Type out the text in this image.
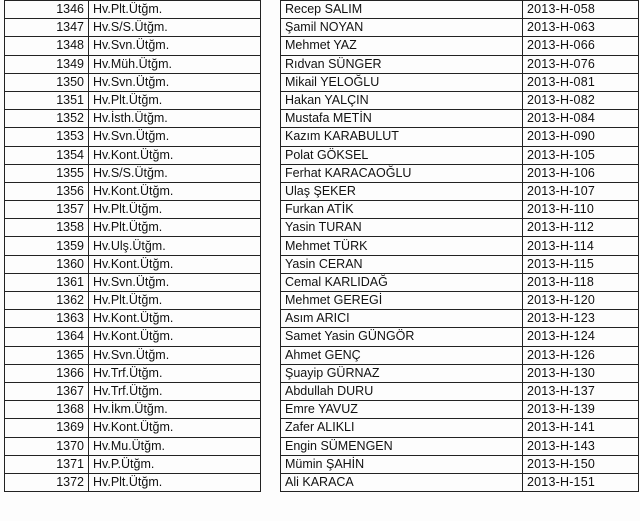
1346	Hv.Plt.Ütğm.		Recep SALIM	2013-H-058
1347	Hv.S/S.Ütğm.		Şamil NOYAN	2013-H-063
1348	Hv.Svn.Ütğm.		Mehmet YAZ	2013-H-066
1349	Hv.Müh.Ütğm.		Rıdvan SÜNGER	2013-H-076
1350	Hv.Svn.Ütğm.		Mikail YELOĞLU	2013-H-081
1351	Hv.Plt.Ütğm.		Hakan YALÇIN	2013-H-082
1352	Hv.İsth.Ütğm.		Mustafa METİN	2013-H-084
1353	Hv.Svn.Ütğm.		Kazım KARABULUT	2013-H-090
1354	Hv.Kont.Ütğm.		Polat GÖKSEL	2013-H-105
1355	Hv.S/S.Ütğm.		Ferhat KARACAOĞLU	2013-H-106
1356	Hv.Kont.Ütğm.		Ulaş ŞEKER	2013-H-107
1357	Hv.Plt.Ütğm.		Furkan ATİK	2013-H-110
1358	Hv.Plt.Ütğm.		Yasin TURAN	2013-H-112
1359	Hv.Ulş.Ütğm.		Mehmet TÜRK	2013-H-114
1360	Hv.Kont.Ütğm.		Yasin CERAN	2013-H-115
1361	Hv.Svn.Ütğm.		Cemal KARLIDAĞ	2013-H-118
1362	Hv.Plt.Ütğm.		Mehmet GEREGİ	2013-H-120
1363	Hv.Kont.Ütğm.		Asım ARICI	2013-H-123
1364	Hv.Kont.Ütğm.		Samet Yasin GÜNGÖR	2013-H-124
1365	Hv.Svn.Ütğm.		Ahmet GENÇ	2013-H-126
1366	Hv.Trf.Ütğm.		Şuayip GÜRNAZ	2013-H-130
1367	Hv.Trf.Ütğm.		Abdullah DURU	2013-H-137
1368	Hv.İkm.Ütğm.		Emre YAVUZ	2013-H-139
1369	Hv.Kont.Ütğm.		Zafer ALIKLI	2013-H-141
1370	Hv.Mu.Ütğm.		Engin SÜMENGEN	2013-H-143
1371	Hv.P.Ütğm.		Mümin ŞAHİN	2013-H-150
1372	Hv.Plt.Ütğm.		Ali KARACA	2013-H-151
